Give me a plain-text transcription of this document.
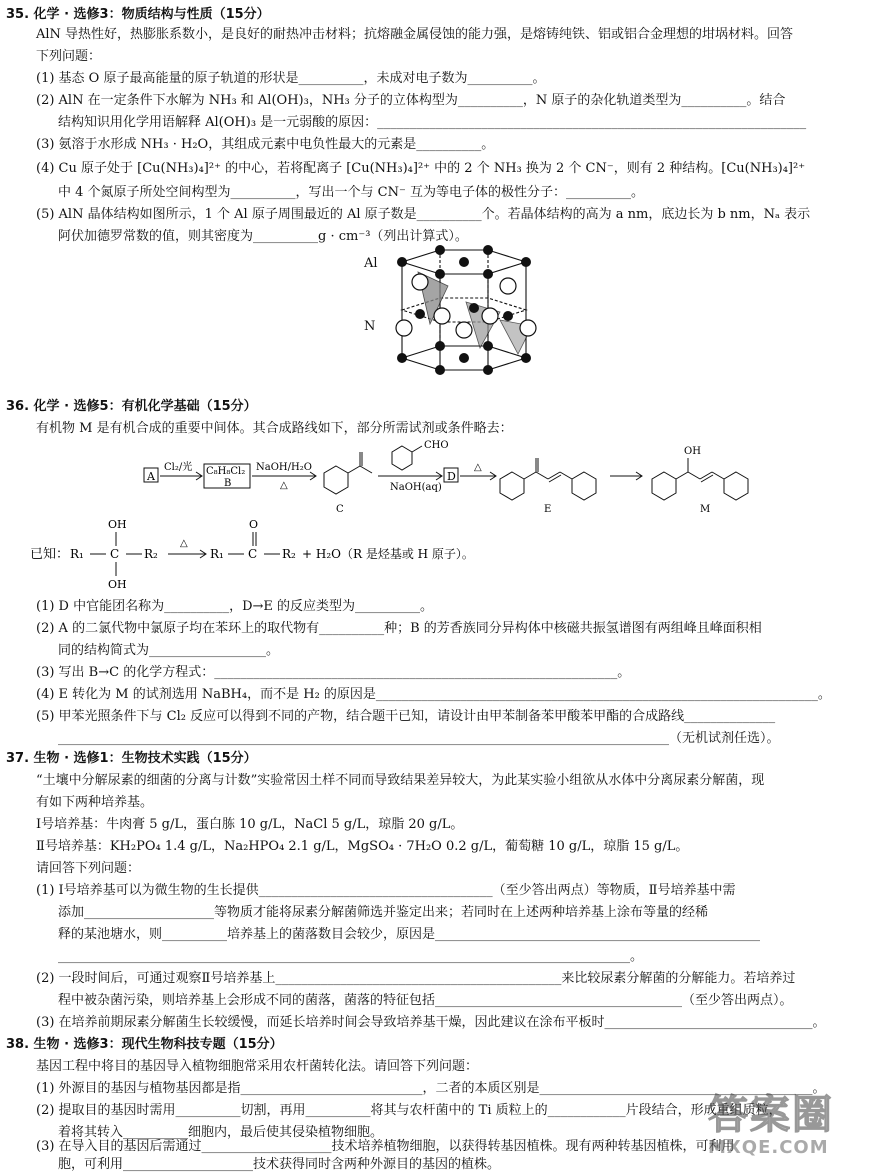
35. 化学 · 选修3：物质结构与性质（15分）
AlN 导热性好，热膨胀系数小，是良好的耐热冲击材料；抗熔融金属侵蚀的能力强，是熔铸纯铁、铝或铝合金理想的坩埚材料。回答
下列问题：
(1) 基态 O 原子最高能量的原子轨道的形状是__________，未成对电子数为__________。
(2) AlN 在一定条件下水解为 NH₃ 和 Al(OH)₃，NH₃ 分子的立体构型为__________，N 原子的杂化轨道类型为__________。结合
结构知识用化学用语解释 Al(OH)₃ 是一元弱酸的原因：__________________________________________________________________
(3) 氨溶于水形成 NH₃ · H₂O，其组成元素中电负性最大的元素是__________。
(4) Cu 原子处于 [Cu(NH₃)₄]²⁺ 的中心，若将配离子 [Cu(NH₃)₄]²⁺ 中的 2 个 NH₃ 换为 2 个 CN⁻，则有 2 种结构。[Cu(NH₃)₄]²⁺
中 4 个氮原子所处空间构型为__________，写出一个与 CN⁻ 互为等电子体的极性分子：__________。
(5) AlN 晶体结构如图所示，1 个 Al 原子周围最近的 Al 原子数是__________个。若晶体结构的高为 a nm，底边长为 b nm，Nₐ 表示
阿伏加德罗常数的值，则其密度为__________g · cm⁻³（列出计算式）。
Al
N
36. 化学 · 选修5：有机化学基础（15分）
有机物 M 是有机合成的重要中间体。其合成路线如下，部分所需试剂或条件略去：
A
Cl₂/光 C₈H₈Cl₂
B
NaOH/H₂O
△
C
CHO
NaOH(aq)
D
△
E
OH
M
已知： R₁ C R₂
OH
OH
△
R₁ C R₂
O
+ H₂O（R 是烃基或 H 原子）。
(1) D 中官能团名称为__________，D→E 的反应类型为__________。
(2) A 的二氯代物中氯原子均在苯环上的取代物有__________种；B 的芳香族同分异构体中核磁共振氢谱图有两组峰且峰面积相
同的结构简式为__________________。
(3) 写出 B→C 的化学方程式：______________________________________________________________。
(4) E 转化为 M 的试剂选用 NaBH₄，而不是 H₂ 的原因是____________________________________________________________________。
(5) 甲苯光照条件下与 Cl₂ 反应可以得到不同的产物，结合题干已知，请设计由甲苯制备苯甲酸苯甲酯的合成路线______________
______________________________________________________________________________________________（无机试剂任选）。
37. 生物 · 选修1：生物技术实践（15分）
“土壤中分解尿素的细菌的分离与计数”实验常因土样不同而导致结果差异较大，为此某实验小组欲从水体中分离尿素分解菌，现
有如下两种培养基。
Ⅰ号培养基：牛肉膏 5 g/L，蛋白胨 10 g/L，NaCl 5 g/L，琼脂 20 g/L。
Ⅱ号培养基：KH₂PO₄ 1.4 g/L，Na₂HPO₄ 2.1 g/L，MgSO₄ · 7H₂O 0.2 g/L，葡萄糖 10 g/L，琼脂 15 g/L。
请回答下列问题：
(1) Ⅰ号培养基可以为微生物的生长提供____________________________________（至少答出两点）等物质，Ⅱ号培养基中需
添加____________________等物质才能将尿素分解菌筛选并鉴定出来；若同时在上述两种培养基上涂布等量的经稀
释的某池塘水，则__________培养基上的菌落数目会较少，原因是__________________________________________________
________________________________________________________________________________________。
(2) 一段时间后，可通过观察Ⅱ号培养基上____________________________________________来比较尿素分解菌的分解能力。若培养过
程中被杂菌污染，则培养基上会形成不同的菌落，菌落的特征包括______________________________________（至少答出两点）。
(3) 在培养前期尿素分解菌生长较缓慢，而延长培养时间会导致培养基干燥，因此建议在涂布平板时________________________________。
38. 生物 · 选修3：现代生物科技专题（15分）
基因工程中将目的基因导入植物细胞常采用农杆菌转化法。请回答下列问题：
(1) 外源目的基因与植物基因都是指____________________________，二者的本质区别是__________________________________________。
(2) 提取目的基因时需用__________切割，再用__________将其与农杆菌中的 Ti 质粒上的____________片段结合，形成重组质粒，
着将其转入__________细胞内，最后使其侵染植物细胞。
(3) 在导入目的基因后需通过____________________技术培养植物细胞，以获得转基因植株。现有两种转基因植株，可利用
胞，可利用____________________技术获得同时含两种外源目的基因的植株。
答案圈
MXQE.COM
